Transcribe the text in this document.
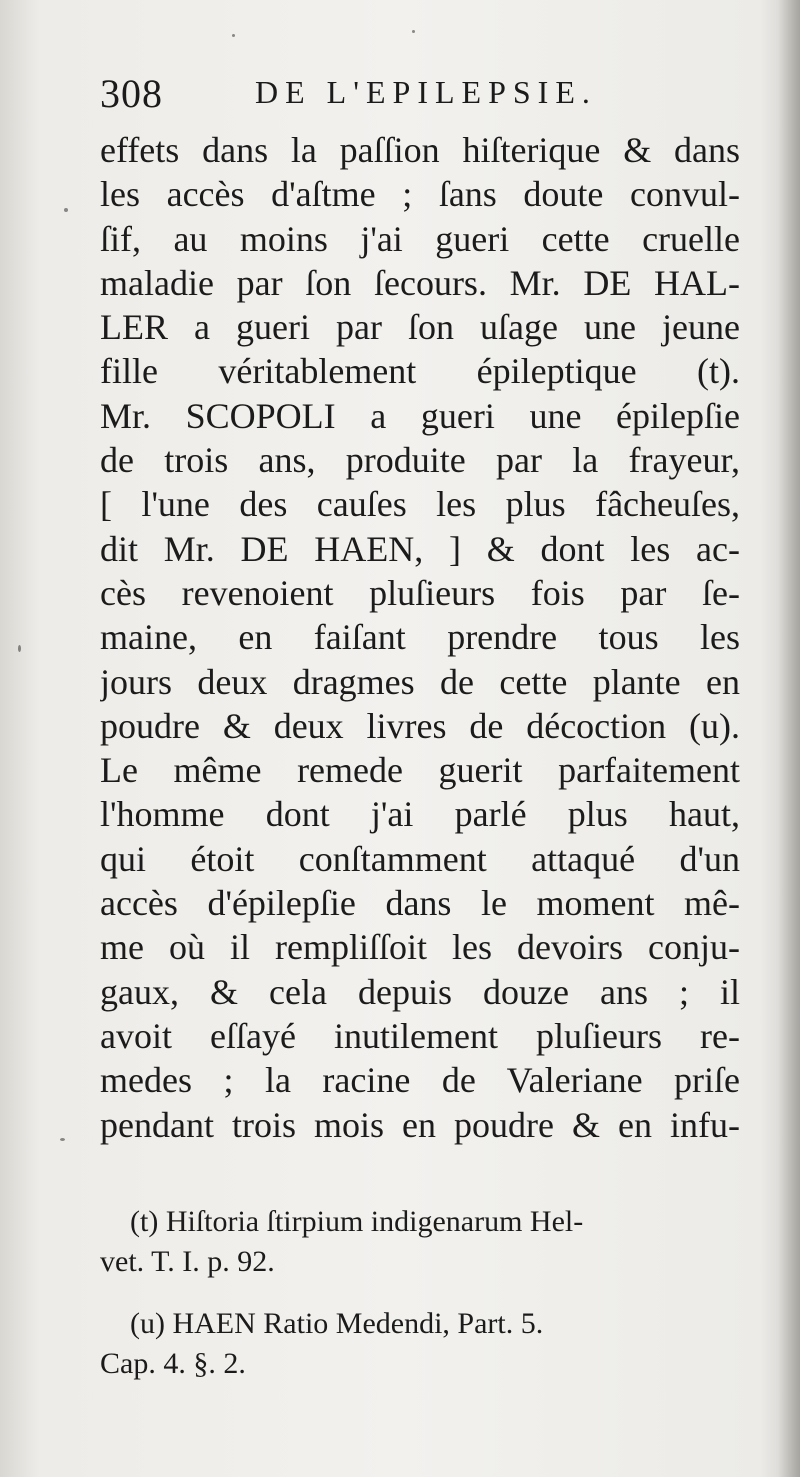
308	DE L'EPILEPSIE.
effets dans la paſſion hiſterique & dans
les accès d'aſtme ; ſans doute convul-
ſif, au moins j'ai gueri cette cruelle
maladie par ſon ſecours. Mr. DE HAL-
LER a gueri par ſon uſage une jeune
fille véritablement épileptique (t).
Mr. SCOPOLI a gueri une épilepſie
de trois ans, produite par la frayeur,
[ l'une des cauſes les plus fâcheuſes,
dit Mr. DE HAEN, ] & dont les ac-
cès revenoient pluſieurs fois par ſe-
maine, en faiſant prendre tous les
jours deux dragmes de cette plante en
poudre & deux livres de décoction (u).
Le même remede guerit parfaitement
l'homme dont j'ai parlé plus haut,
qui étoit conſtamment attaqué d'un
accès d'épilepſie dans le moment mê-
me où il rempliſſoit les devoirs conju-
gaux, & cela depuis douze ans ; il
avoit eſſayé inutilement pluſieurs re-
medes ; la racine de Valeriane priſe
pendant trois mois en poudre & en infu-
(t) Hiſtoria ſtirpium indigenarum Hel-
vet. T. I. p. 92.
(u) HAEN Ratio Medendi, Part. 5.
Cap. 4. §. 2.
